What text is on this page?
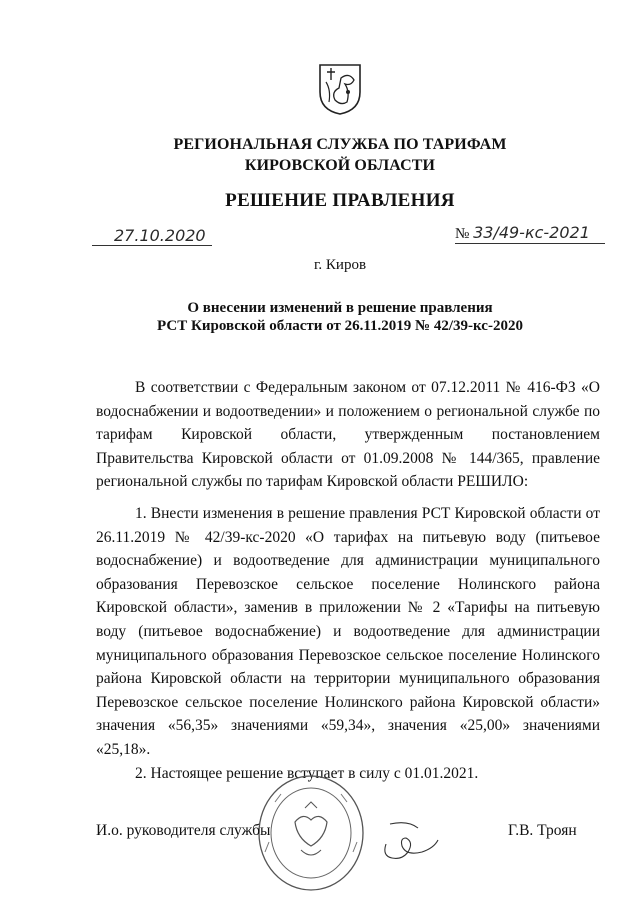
РЕГИОНАЛЬНАЯ СЛУЖБА ПО ТАРИФАМ
КИРОВСКОЙ ОБЛАСТИ
РЕШЕНИЕ ПРАВЛЕНИЯ
27.10.2020	№ 33/49-кс-2021
г. Киров
О внесении изменений в решение правления
РСТ Кировской области от 26.11.2019 № 42/39-кс-2020

В соответствии с Федеральным законом от 07.12.2011 № 416-ФЗ «О водоснабжении и водоотведении» и положением о региональной службе по тарифам Кировской области, утвержденным постановлением Правительства Кировской области от 01.09.2008 № 144/365, правление региональной службы по тарифам Кировской области РЕШИЛО:

1. Внести изменения в решение правления РСТ Кировской области от 26.11.2019 № 42/39-кс-2020 «О тарифах на питьевую воду (питьевое водоснабжение) и водоотведение для администрации муниципального образования Перевозское сельское поселение Нолинского района Кировской области», заменив в приложении № 2 «Тарифы на питьевую воду (питьевое водоснабжение) и водоотведение для администрации муниципального образования Перевозское сельское поселение Нолинского района Кировской области на территории муниципального образования Перевозское сельское поселение Нолинского района Кировской области» значения «56,35» значениями «59,34», значения «25,00» значениями «25,18».

2. Настоящее решение вступает в силу с 01.01.2021.

И.о. руководителя службы	Г.В. Троян
